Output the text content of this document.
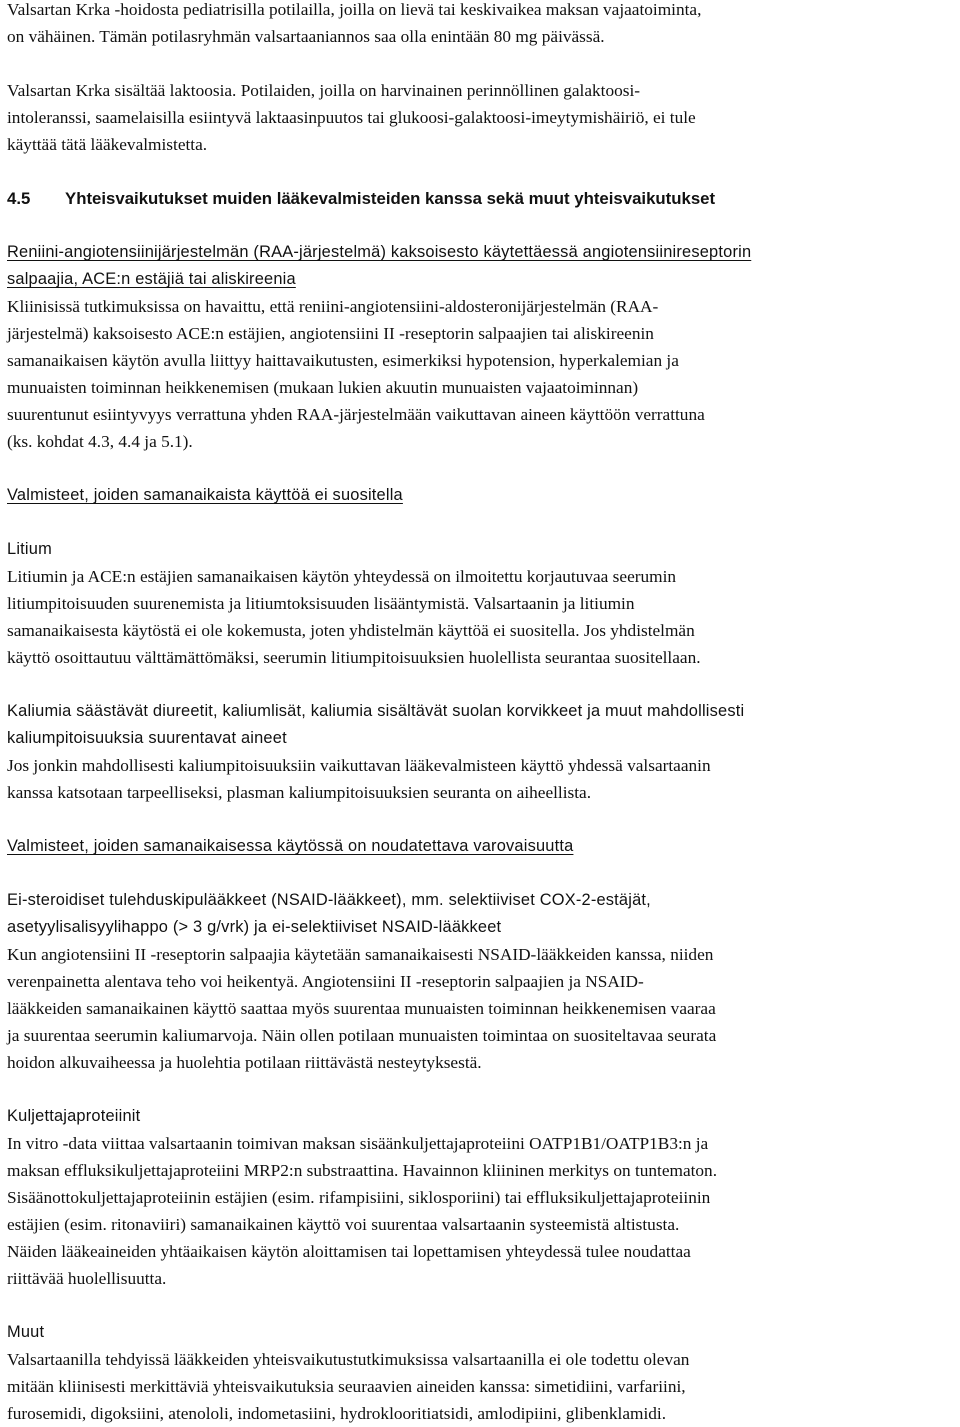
Valsartan Krka -hoidosta pediatrisilla potilailla, joilla on lievä tai keskivaikea maksan vajaatoiminta,

on vähäinen. Tämän potilasryhmän valsartaaniannos saa olla enintään 80 mg päivässä.

Valsartan Krka sisältää laktoosia. Potilaiden, joilla on harvinainen perinnöllinen galaktoosi-

intoleranssi, saamelaisilla esiintyvä laktaasinpuutos tai glukoosi-galaktoosi-imeytymishäiriö, ei tule

käyttää tätä lääkevalmistetta.

4.5 Yhteisvaikutukset muiden lääkevalmisteiden kanssa sekä muut yhteisvaikutukset

Reniini-angiotensiinijärjestelmän (RAA-järjestelmä) kaksoisesto käytettäessä angiotensiinireseptorin

salpaajia, ACE:n estäjiä tai aliskireenia

Kliinisissä tutkimuksissa on havaittu, että reniini-angiotensiini-aldosteronijärjestelmän (RAA-

järjestelmä) kaksoisesto ACE:n estäjien, angiotensiini II -reseptorin salpaajien tai aliskireenin

samanaikaisen käytön avulla liittyy haittavaikutusten, esimerkiksi hypotension, hyperkalemian ja

munuaisten toiminnan heikkenemisen (mukaan lukien akuutin munuaisten vajaatoiminnan)

suurentunut esiintyvyys verrattuna yhden RAA-järjestelmään vaikuttavan aineen käyttöön verrattuna

(ks. kohdat 4.3, 4.4 ja 5.1).

Valmisteet, joiden samanaikaista käyttöä ei suositella

Litium

Litiumin ja ACE:n estäjien samanaikaisen käytön yhteydessä on ilmoitettu korjautuvaa seerumin

litiumpitoisuuden suurenemista ja litiumtoksisuuden lisääntymistä. Valsartaanin ja litiumin

samanaikaisesta käytöstä ei ole kokemusta, joten yhdistelmän käyttöä ei suositella. Jos yhdistelmän

käyttö osoittautuu välttämättömäksi, seerumin litiumpitoisuuksien huolellista seurantaa suositellaan.

Kaliumia säästävät diureetit, kaliumlisät, kaliumia sisältävät suolan korvikkeet ja muut mahdollisesti

kaliumpitoisuuksia suurentavat aineet

Jos jonkin mahdollisesti kaliumpitoisuuksiin vaikuttavan lääkevalmisteen käyttö yhdessä valsartaanin

kanssa katsotaan tarpeelliseksi, plasman kaliumpitoisuuksien seuranta on aiheellista.

Valmisteet, joiden samanaikaisessa käytössä on noudatettava varovaisuutta

Ei-steroidiset tulehduskipulääkkeet (NSAID-lääkkeet), mm. selektiiviset COX-2-estäjät,

asetyylisalisyylihappo (> 3 g/vrk) ja ei-selektiiviset NSAID-lääkkeet

Kun angiotensiini II -reseptorin salpaajia käytetään samanaikaisesti NSAID-lääkkeiden kanssa, niiden

verenpainetta alentava teho voi heikentyä. Angiotensiini II -reseptorin salpaajien ja NSAID-

lääkkeiden samanaikainen käyttö saattaa myös suurentaa munuaisten toiminnan heikkenemisen vaaraa

ja suurentaa seerumin kaliumarvoja. Näin ollen potilaan munuaisten toimintaa on suositeltavaa seurata

hoidon alkuvaiheessa ja huolehtia potilaan riittävästä nesteytyksestä.

Kuljettajaproteiinit

In vitro -data viittaa valsartaanin toimivan maksan sisäänkuljettajaproteiini OATP1B1/OATP1B3:n ja

maksan effluksikuljettajaproteiini MRP2:n substraattina. Havainnon kliininen merkitys on tuntematon.

Sisäänottokuljettajaproteiinin estäjien (esim. rifampisiini, siklosporiini) tai effluksikuljettajaproteiinin

estäjien (esim. ritonaviiri) samanaikainen käyttö voi suurentaa valsartaanin systeemistä altistusta.

Näiden lääkeaineiden yhtäaikaisen käytön aloittamisen tai lopettamisen yhteydessä tulee noudattaa

riittävää huolellisuutta.

Muut

Valsartaanilla tehdyissä lääkkeiden yhteisvaikutustutkimuksissa valsartaanilla ei ole todettu olevan

mitään kliinisesti merkittäviä yhteisvaikutuksia seuraavien aineiden kanssa: simetidiini, varfariini,

furosemidi, digoksiini, atenololi, indometasiini, hydroklooritiatsidi, amlodipiini, glibenklamidi.
